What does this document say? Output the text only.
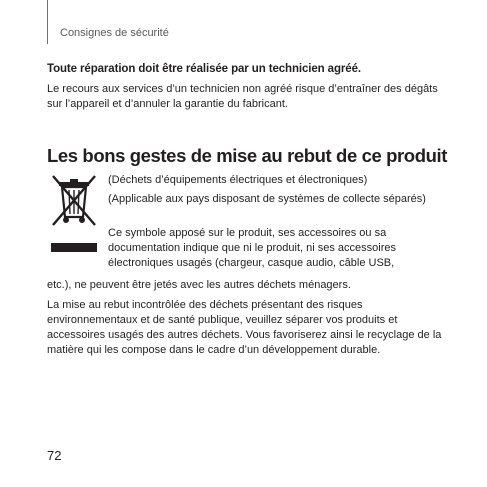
Consignes de sécurité
Toute réparation doit être réalisée par un technicien agréé.
Le recours aux services d’un technicien non agréé risque d’entraîner des dégâts sur l’appareil et d’annuler la garantie du fabricant.
Les bons gestes de mise au rebut de ce produit
(Déchets d’équipements électriques et électroniques)
(Applicable aux pays disposant de systèmes de collecte séparés)
Ce symbole apposé sur le produit, ses accessoires ou sa documentation indique que ni le produit, ni ses accessoires électroniques usagés (chargeur, casque audio, câble USB,
etc.), ne peuvent être jetés avec les autres déchets ménagers.
La mise au rebut incontrôlée des déchets présentant des risques environnementaux et de santé publique, veuillez séparer vos produits et accessoires usagés des autres déchets. Vous favoriserez ainsi le recyclage de la matière qui les compose dans le cadre d’un développement durable.
72
